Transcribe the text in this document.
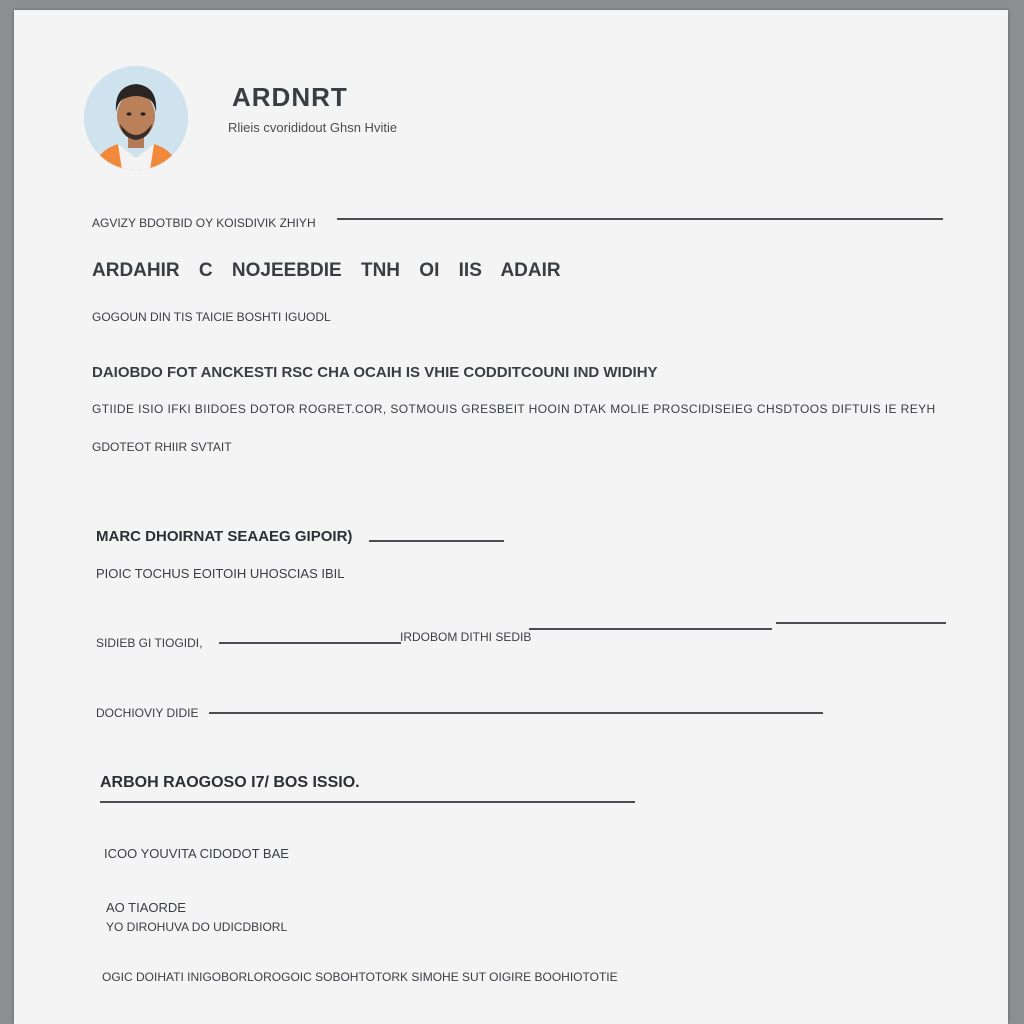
ARDNRT
Rlieis cvorididout Ghsn Hvitie
AGVIZY BDOTBID OY KOISDIVIK ZHIYH
ARDAHIR C NOJEEBDIE TNH OI IIS ADAIR
GOGOUN DIN TIS TAICIE BOSHTI IGUODL
DAIOBDO FOT ANCKESTI RSC CHA OCAIH IS VHIE CODDITCOUNI IND WIDIHY
GTIIDE ISIO IFKI BIIDOES DOTOR ROGRET.COR, SOTMOUIS GRESBEIT HOOIN DTAK MOLIE PROSCIDISEIEG CHSDTOOS DIFTUIS IE REYH
GDOTEOT RHIIR SVTAIT
MARC DHOIRNAT SEAAEG GIPOIR)
PIOIC TOCHUS EOITOIH UHOSCIAS IBIL
SIDIEB GI TIOGIDI,	IRDOBOM DITHI SEDIB
DOCHIOVIY DIDIE
ARBOH RAOGOSO I7/ BOS ISSIO.
ICOO YOUVITA CIDODOT BAE
AO TIAORDE
YO DIROHUVA DO UDICDBIORL
OGIC DOIHATI INIGOBORLOROGOIC SOBOHTOTORK SIMOHE SUT OIGIRE BOOHIOTOTIE
